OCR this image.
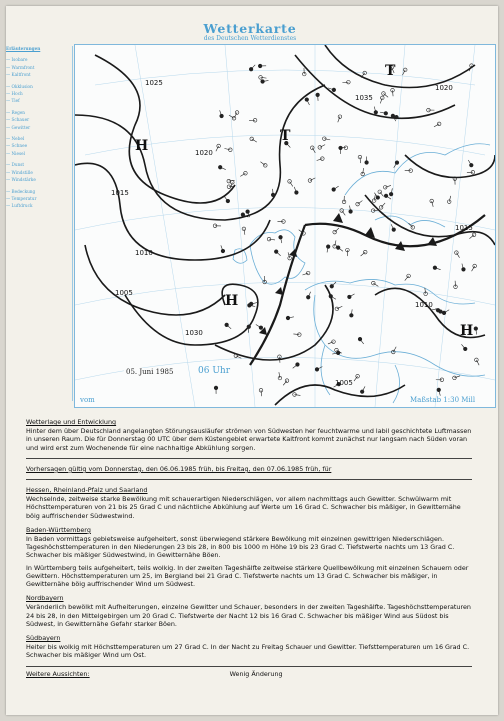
Wetterkarte
des Deutschen Wetterdienstes
Erläuterungen
— Isobare
— Warmfront
— Kaltfront
— Okklusion
— Hoch
— Tief
— Regen
— Schauer
— Gewitter
— Nebel
— Schnee
— Niesel
— Dunst
— Windstille
— Windstärke
— Bedeckung
— Temperatur
— Luftdruck
1025
1020
1015
1010
1005
1030
1035
1020
1015
1010
1005
H
H
T
T
H
05. Juni 1985	06 Uhr
vom	Maßstab 1:30 Mill
Wetterlage und Entwicklung
Hinter dem über Deutschland angelangten Störungsausläufer strömen von Südwesten her feuchtwarme und labil geschichtete Luftmassen in unseren Raum. Die für Donnerstag 00 UTC über dem Küstengebiet erwartete Kaltfront kommt zunächst nur langsam nach Süden voran und wird erst zum Wochenende für eine nachhaltige Abkühlung sorgen.
Vorhersagen gültig vom Donnerstag, den 06.06.1985 früh, bis Freitag, den 07.06.1985 früh, für
Hessen, Rheinland-Pfalz und Saarland
Wechselnde, zeitweise starke Bewölkung mit schauerartigen Niederschlägen, vor allem nachmittags auch Gewitter. Schwülwarm mit Höchsttemperaturen von 21 bis 25 Grad C und nächtliche Abkühlung auf Werte um 16 Grad C. Schwacher bis mäßiger, in Gewitternähe böig auffrischender Südwestwind.
Baden-Württemberg
In Baden vormittags gebietsweise aufgeheitert, sonst überwiegend stärkere Bewölkung mit einzelnen gewittrigen Niederschlägen. Tageshöchsttemperaturen in den Niederungen 23 bis 28, in 800 bis 1000 m Höhe 19 bis 23 Grad C. Tiefstwerte nachts um 13 Grad C. Schwacher bis mäßiger Südwestwind, in Gewitternähe Böen.
In Württemberg teils aufgeheitert, teils wolkig. In der zweiten Tageshälfte zeitweise stärkere Quellbewölkung mit einzelnen Schauern oder Gewittern. Höchsttemperaturen um 25, im Bergland bei 21 Grad C. Tiefstwerte nachts um 13 Grad C. Schwacher bis mäßiger, in Gewitternähe böig auffrischender Wind um Südwest.
Nordbayern
Veränderlich bewölkt mit Aufheiterungen, einzelne Gewitter und Schauer, besonders in der zweiten Tageshälfte. Tageshöchsttemperaturen 24 bis 28, in den Mittelgebirgen um 20 Grad C. Tiefstwerte der Nacht 12 bis 16 Grad C. Schwacher bis mäßiger Wind aus Südost bis Südwest, in Gewitternähe Gefahr starker Böen.
Südbayern
Heiter bis wolkig mit Höchsttemperaturen um 27 Grad C. In der Nacht zu Freitag Schauer und Gewitter. Tiefsttemperaturen um 16 Grad C. Schwacher bis mäßiger Wind um Ost.
Weitere Aussichten:	Wenig Änderung
